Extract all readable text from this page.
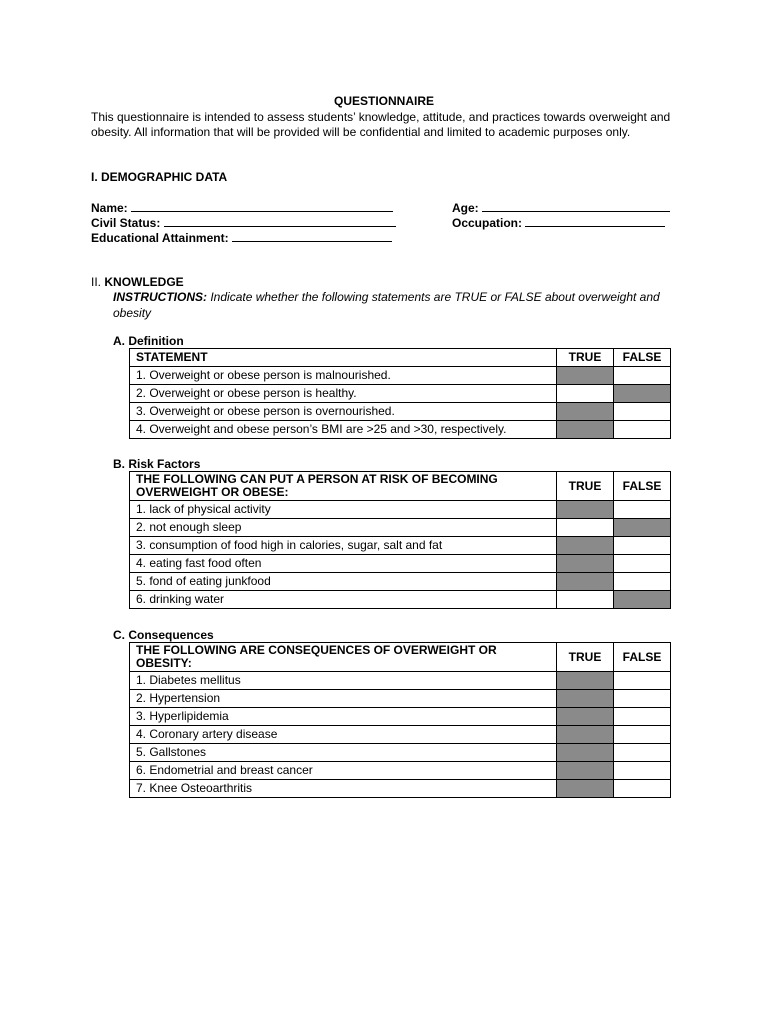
QUESTIONNAIRE
This questionnaire is intended to assess students’ knowledge, attitude, and practices towards overweight and obesity. All information that will be provided will be confidential and limited to academic purposes only.
I. DEMOGRAPHIC DATA
Name:	Age:
Civil Status:	Occupation:
Educational Attainment:
II. KNOWLEDGE
INSTRUCTIONS: Indicate whether the following statements are TRUE or FALSE about overweight and obesity
A. Definition
STATEMENT	TRUE	FALSE
1. Overweight or obese person is malnourished.		
2. Overweight or obese person is healthy.		
3. Overweight or obese person is overnourished.		
4. Overweight and obese person’s BMI are >25 and >30, respectively.		
B. Risk Factors
THE FOLLOWING CAN PUT A PERSON AT RISK OF BECOMING OVERWEIGHT OR OBESE:	TRUE	FALSE
1. lack of physical activity		
2. not enough sleep		
3. consumption of food high in calories, sugar, salt and fat		
4. eating fast food often		
5. fond of eating junkfood		
6. drinking water		
C. Consequences
THE FOLLOWING ARE CONSEQUENCES OF OVERWEIGHT OR OBESITY:	TRUE	FALSE
1. Diabetes mellitus		
2. Hypertension		
3. Hyperlipidemia		
4. Coronary artery disease		
5. Gallstones		
6. Endometrial and breast cancer		
7. Knee Osteoarthritis		
